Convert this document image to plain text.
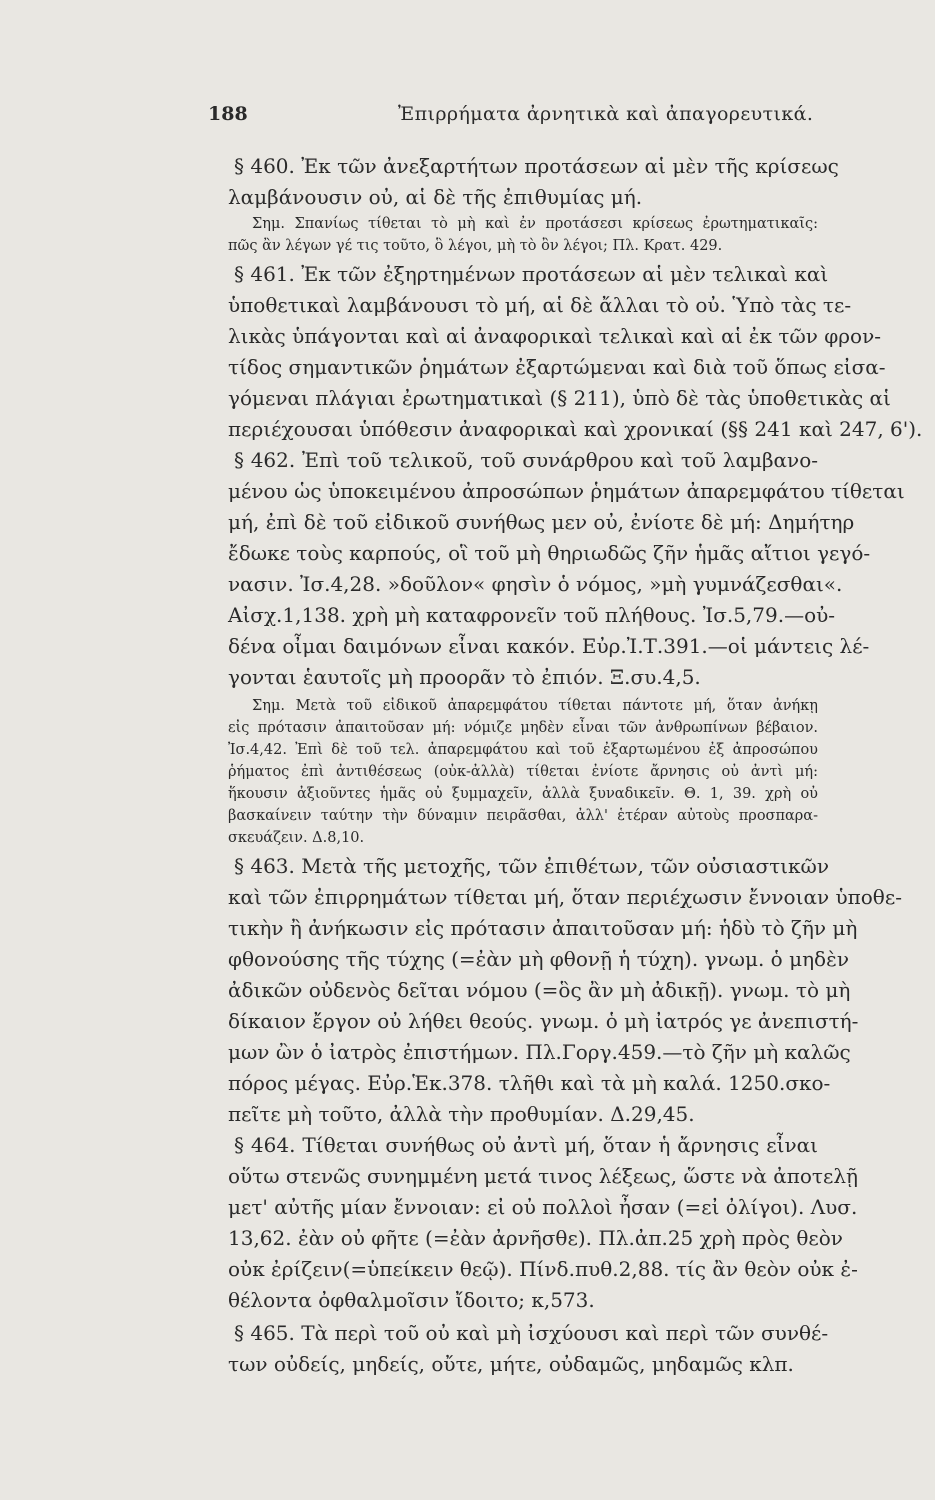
188	Ἐπιρρήματα ἀρνητικὰ καὶ ἀπαγορευτικά.
§ 460. Ἐκ τῶν ἀνεξαρτήτων προτάσεων αἱ μὲν τῆς κρίσεως
λαμβάνουσιν οὐ, αἱ δὲ τῆς ἐπιθυμίας μή.
Σημ. Σπανίως τίθεται τὸ μὴ καὶ ἐν προτάσεσι κρίσεως ἐρωτηματικαῖς:
πῶς ἂν λέγων γέ τις τοῦτο, ὃ λέγοι, μὴ τὸ ὂν λέγοι; Πλ. Κρατ. 429.
§ 461. Ἐκ τῶν ἐξηρτημένων προτάσεων αἱ μὲν τελικαὶ καὶ
ὑποθετικαὶ λαμβάνουσι τὸ μή, αἱ δὲ ἄλλαι τὸ οὐ. Ὑπὸ τὰς τε-
λικὰς ὑπάγονται καὶ αἱ ἀναφορικαὶ τελικαὶ καὶ αἱ ἐκ τῶν φρον-
τίδος σημαντικῶν ῥημάτων ἐξαρτώμεναι καὶ διὰ τοῦ ὅπως εἰσα-
γόμεναι πλάγιαι ἐρωτηματικαὶ (§ 211), ὑπὸ δὲ τὰς ὑποθετικὰς αἱ
περιέχουσαι ὑπόθεσιν ἀναφορικαὶ καὶ χρονικαί (§§ 241 καὶ 247, 6').
§ 462. Ἐπὶ τοῦ τελικοῦ, τοῦ συνάρθρου καὶ τοῦ λαμβανο-
μένου ὡς ὑποκειμένου ἀπροσώπων ῥημάτων ἀπαρεμφάτου τίθεται
μή, ἐπὶ δὲ τοῦ εἰδικοῦ συνήθως μεν οὐ, ἐνίοτε δὲ μή: Δημήτηρ
ἔδωκε τοὺς καρπούς, οἳ τοῦ μὴ θηριωδῶς ζῆν ἡμᾶς αἴτιοι γεγό-
νασιν. Ἰσ.4,28. »δοῦλον« φησὶν ὁ νόμος, »μὴ γυμνάζεσθαι«.
Αἰσχ.1,138. χρὴ μὴ καταφρονεῖν τοῦ πλήθους. Ἰσ.5,79.—οὐ-
δένα οἶμαι δαιμόνων εἶναι κακόν. Εὐρ.Ἰ.Τ.391.—οἱ μάντεις λέ-
γονται ἑαυτοῖς μὴ προορᾶν τὸ ἐπιόν. Ξ.συ.4,5.
Σημ. Μετὰ τοῦ εἰδικοῦ ἀπαρεμφάτου τίθεται πάντοτε μή, ὅταν ἀνήκῃ
εἰς πρότασιν ἀπαιτοῦσαν μή: νόμιζε μηδὲν εἶναι τῶν ἀνθρωπίνων βέβαιον.
Ἰσ.4,42. Ἐπὶ δὲ τοῦ τελ. ἀπαρεμφάτου καὶ τοῦ ἐξαρτωμένου ἐξ ἀπροσώπου
ῥήματος ἐπὶ ἀντιθέσεως (οὐκ-ἀλλὰ) τίθεται ἐνίοτε ἄρνησις οὐ ἀντὶ μή:
ἥκουσιν ἀξιοῦντες ἡμᾶς οὐ ξυμμαχεῖν, ἀλλὰ ξυναδικεῖν. Θ. 1, 39. χρὴ οὐ
βασκαίνειν ταύτην τὴν δύναμιν πειρᾶσθαι, ἀλλ' ἑτέραν αὐτοὺς προσπαρα-
σκευάζειν. Δ.8,10.
§ 463. Μετὰ τῆς μετοχῆς, τῶν ἐπιθέτων, τῶν οὐσιαστικῶν
καὶ τῶν ἐπιρρημάτων τίθεται μή, ὅταν περιέχωσιν ἔννοιαν ὑποθε-
τικὴν ἢ ἀνήκωσιν εἰς πρότασιν ἀπαιτοῦσαν μή: ἡδὺ τὸ ζῆν μὴ
φθονούσης τῆς τύχης (=ἐὰν μὴ φθονῇ ἡ τύχη). γνωμ. ὁ μηδὲν
ἀδικῶν οὐδενὸς δεῖται νόμου (=ὃς ἂν μὴ ἀδικῇ). γνωμ. τὸ μὴ
δίκαιον ἔργον οὐ λήθει θεούς. γνωμ. ὁ μὴ ἰατρός γε ἀνεπιστή-
μων ὢν ὁ ἰατρὸς ἐπιστήμων. Πλ.Γοργ.459.—τὸ ζῆν μὴ καλῶς
πόρος μέγας. Εὐρ.Ἑκ.378. τλῆθι καὶ τὰ μὴ καλά. 1250.σκο-
πεῖτε μὴ τοῦτο, ἀλλὰ τὴν προθυμίαν. Δ.29,45.
§ 464. Τίθεται συνήθως οὐ ἀντὶ μή, ὅταν ἡ ἄρνησις εἶναι
οὕτω στενῶς συνημμένη μετά τινος λέξεως, ὥστε νὰ ἀποτελῇ
μετ' αὐτῆς μίαν ἔννοιαν: εἰ οὐ πολλοὶ ἦσαν (=εἰ ὀλίγοι). Λυσ.
13,62. ἐὰν οὐ φῆτε (=ἐὰν ἀρνῆσθε). Πλ.ἀπ.25 χρὴ πρὸς θεὸν
οὐκ ἐρίζειν(=ὑπείκειν θεῷ). Πίνδ.πυθ.2,88. τίς ἂν θεὸν οὐκ ἐ-
θέλοντα ὀφθαλμοῖσιν ἴδοιτο; κ,573.
§ 465. Τὰ περὶ τοῦ οὐ καὶ μὴ ἰσχύουσι καὶ περὶ τῶν συνθέ-
των οὐδείς, μηδείς, οὔτε, μήτε, οὐδαμῶς, μηδαμῶς κλπ.
